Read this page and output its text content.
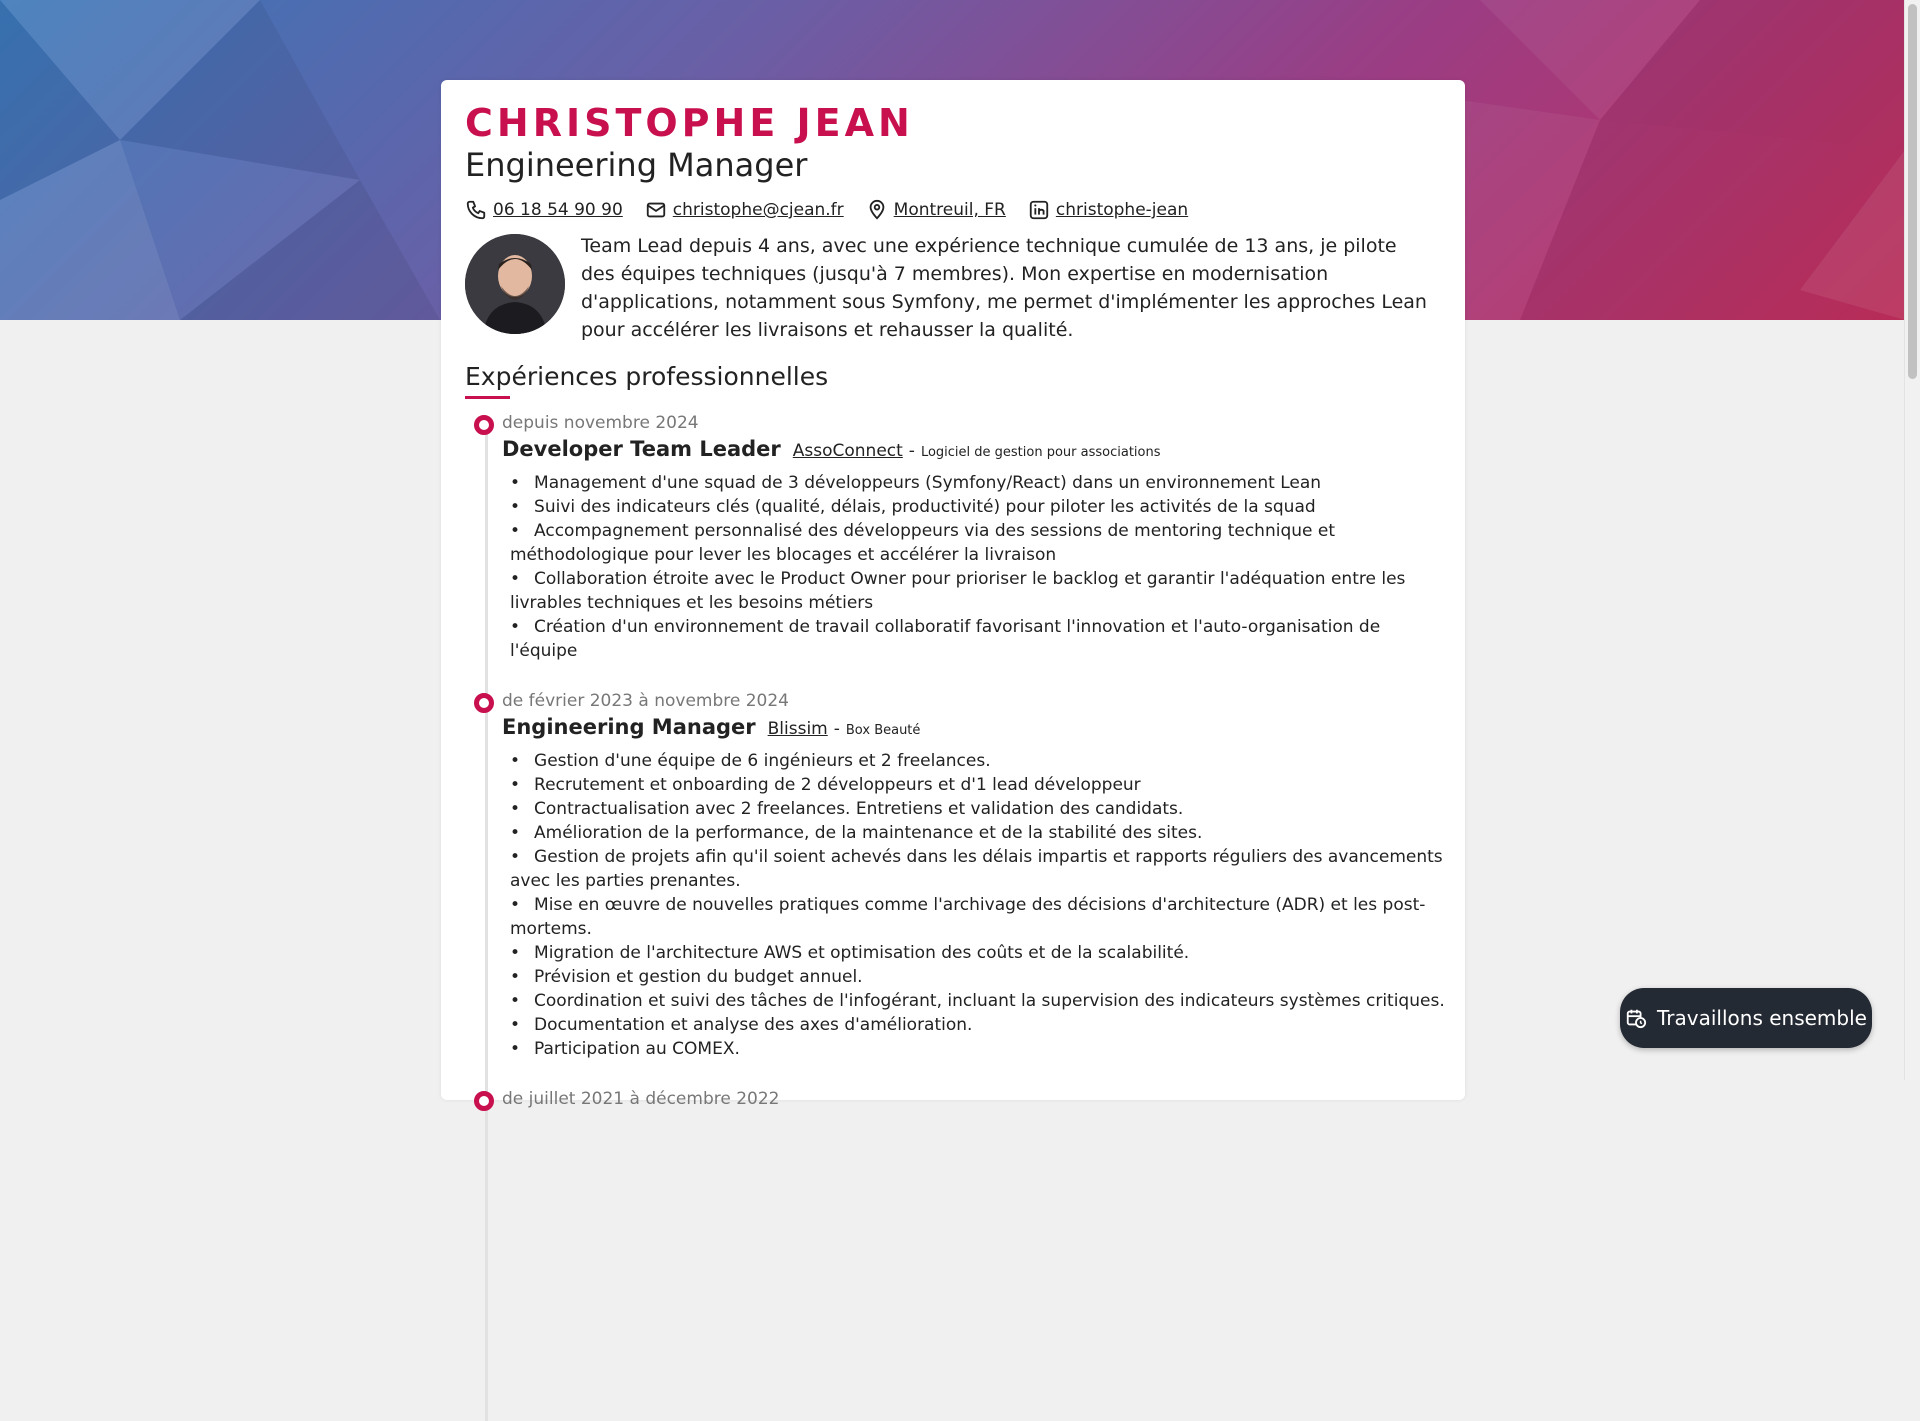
CHRISTOPHE JEAN
Engineering Manager
06 18 54 90 90	christophe@cjean.fr	Montreuil, FR	christophe-jean
Team Lead depuis 4 ans, avec une expérience technique cumulée de 13 ans, je pilote des équipes techniques (jusqu'à 7 membres). Mon expertise en modernisation d'applications, notamment sous Symfony, me permet d'implémenter les approches Lean pour accélérer les livraisons et rehausser la qualité.
Expériences professionnelles
depuis novembre 2024
Developer Team Leader AssoConnect - Logiciel de gestion pour associations
• Management d'une squad de 3 développeurs (Symfony/React) dans un environnement Lean
• Suivi des indicateurs clés (qualité, délais, productivité) pour piloter les activités de la squad
• Accompagnement personnalisé des développeurs via des sessions de mentoring technique et méthodologique pour lever les blocages et accélérer la livraison
• Collaboration étroite avec le Product Owner pour prioriser le backlog et garantir l'adéquation entre les livrables techniques et les besoins métiers
• Création d'un environnement de travail collaboratif favorisant l'innovation et l'auto-organisation de l'équipe
de février 2023 à novembre 2024
Engineering Manager Blissim - Box Beauté
• Gestion d'une équipe de 6 ingénieurs et 2 freelances.
• Recrutement et onboarding de 2 développeurs et d'1 lead développeur
• Contractualisation avec 2 freelances. Entretiens et validation des candidats.
• Amélioration de la performance, de la maintenance et de la stabilité des sites.
• Gestion de projets afin qu'il soient achevés dans les délais impartis et rapports réguliers des avancements avec les parties prenantes.
• Mise en œuvre de nouvelles pratiques comme l'archivage des décisions d'architecture (ADR) et les post-mortems.
• Migration de l'architecture AWS et optimisation des coûts et de la scalabilité.
• Prévision et gestion du budget annuel.
• Coordination et suivi des tâches de l'infogérant, incluant la supervision des indicateurs systèmes critiques.
• Documentation et analyse des axes d'amélioration.
• Participation au COMEX.
de juillet 2021 à décembre 2022
Travaillons ensemble
